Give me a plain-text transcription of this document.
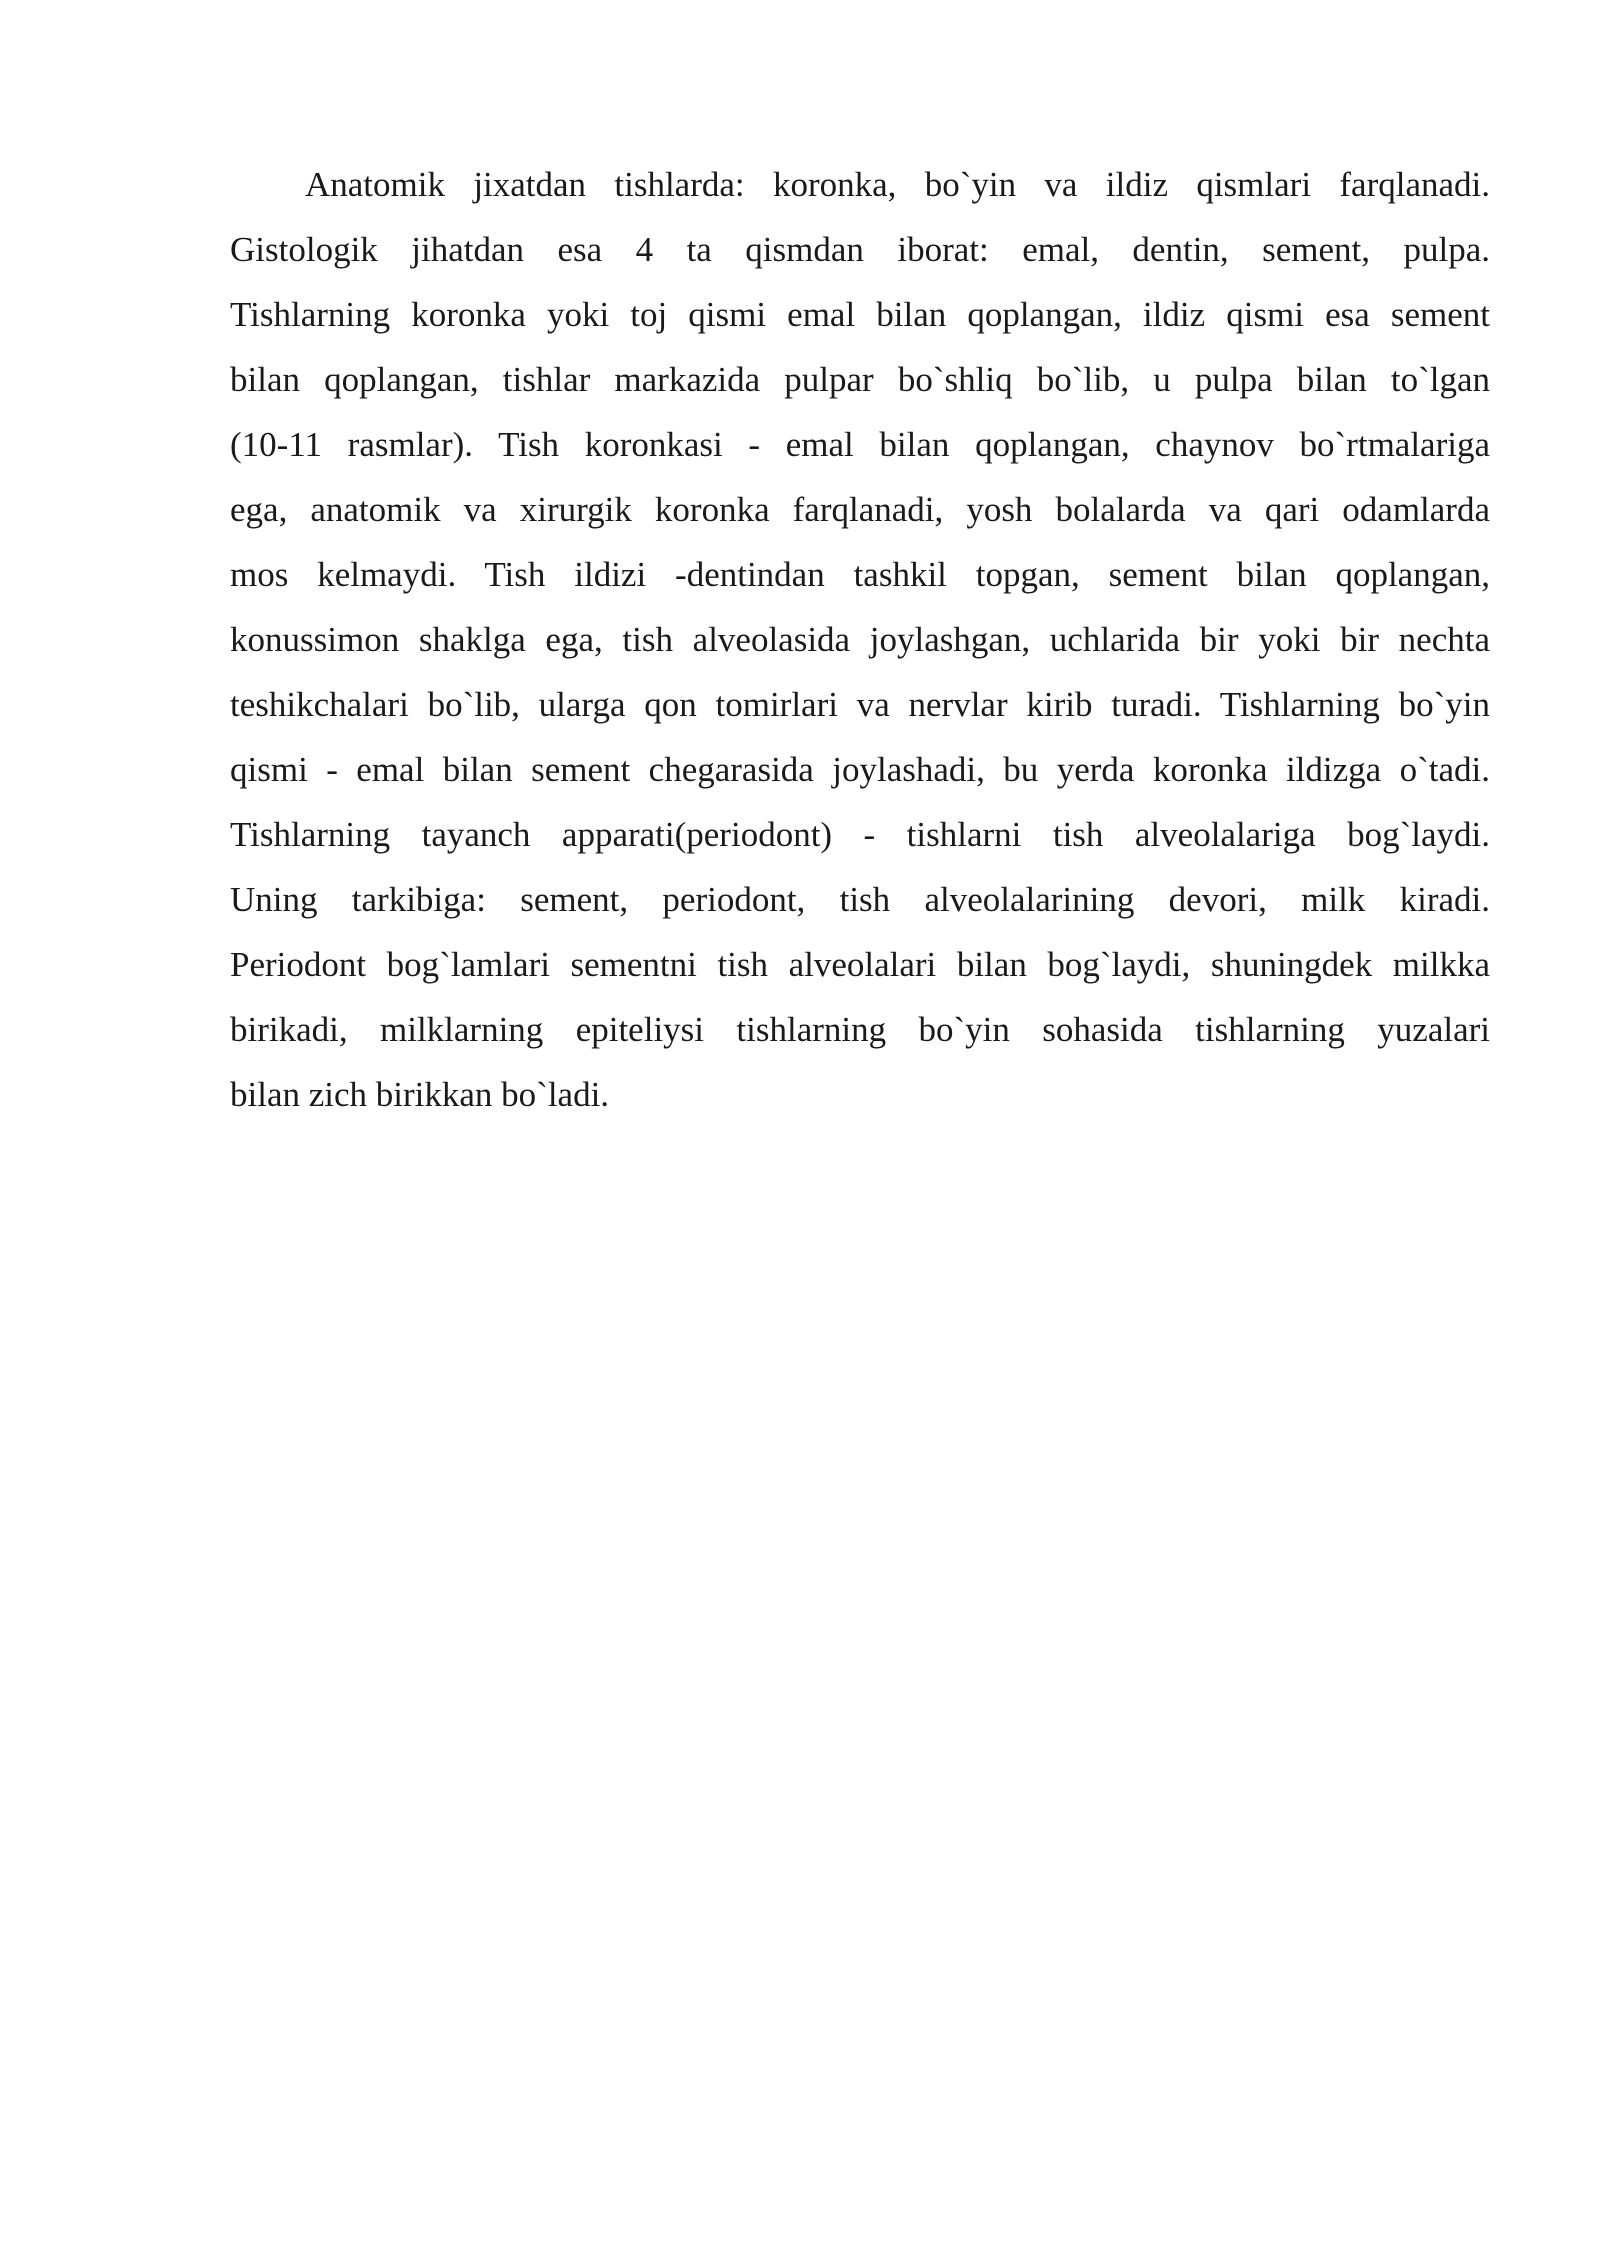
Anatomik jixatdan tishlarda: koronka, bo`yin va ildiz qismlari farqlanadi.
Gistologik jihatdan esa 4 ta qismdan iborat: emal, dentin, sement, pulpa.
Tishlarning koronka yoki toj qismi emal bilan qoplangan, ildiz qismi esa sement
bilan qoplangan, tishlar markazida pulpar bo`shliq bo`lib, u pulpa bilan to`lgan
(10-11 rasmlar). Tish koronkasi - emal bilan qoplangan, chaynov bo`rtmalariga
ega, anatomik va xirurgik koronka farqlanadi, yosh bolalarda va qari odamlarda
mos kelmaydi. Tish ildizi -dentindan tashkil topgan, sement bilan qoplangan,
konussimon shaklga ega, tish alveolasida joylashgan, uchlarida bir yoki bir nechta
teshikchalari bo`lib, ularga qon tomirlari va nervlar kirib turadi. Tishlarning bo`yin
qismi - emal bilan sement chegarasida joylashadi, bu yerda koronka ildizga o`tadi.
Tishlarning tayanch apparati(periodont) - tishlarni tish alveolalariga bog`laydi.
Uning tarkibiga: sement, periodont, tish alveolalarining devori, milk kiradi.
Periodont bog`lamlari sementni tish alveolalari bilan bog`laydi, shuningdek milkka
birikadi, milklarning epiteliysi tishlarning bo`yin sohasida tishlarning yuzalari
bilan zich birikkan bo`ladi.
